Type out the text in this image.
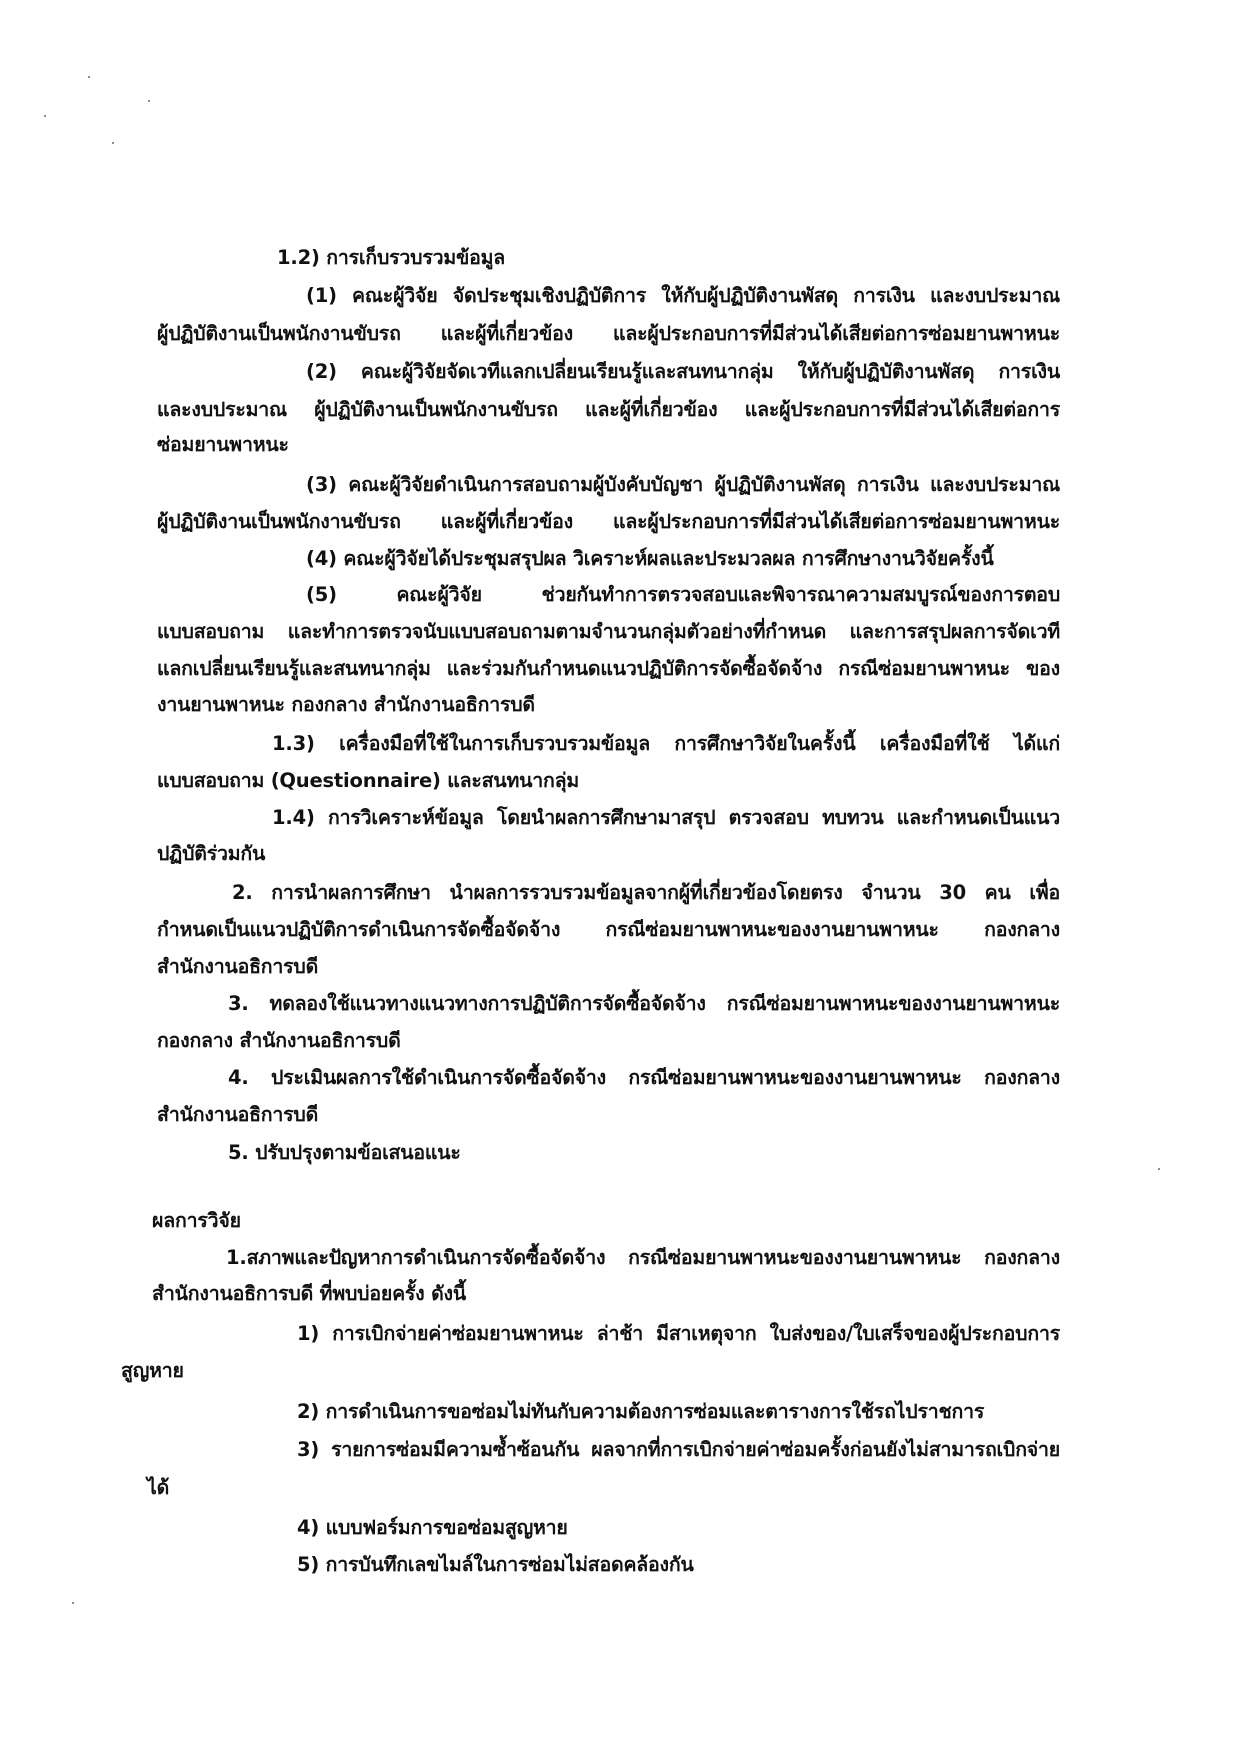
1.2) การเก็บรวบรวมข้อมูล
(1) คณะผู้วิจัย จัดประชุมเชิงปฏิบัติการ ให้กับผู้ปฏิบัติงานพัสดุ การเงิน และงบประมาณ
ผู้ปฏิบัติงานเป็นพนักงานขับรถ และผู้ที่เกี่ยวข้อง และผู้ประกอบการที่มีส่วนได้เสียต่อการซ่อมยานพาหนะ
(2) คณะผู้วิจัยจัดเวทีแลกเปลี่ยนเรียนรู้และสนทนากลุ่ม ให้กับผู้ปฏิบัติงานพัสดุ การเงิน
และงบประมาณ ผู้ปฏิบัติงานเป็นพนักงานขับรถ และผู้ที่เกี่ยวข้อง และผู้ประกอบการที่มีส่วนได้เสียต่อการ
ซ่อมยานพาหนะ
(3) คณะผู้วิจัยดำเนินการสอบถามผู้บังคับบัญชา ผู้ปฏิบัติงานพัสดุ การเงิน และงบประมาณ
ผู้ปฏิบัติงานเป็นพนักงานขับรถ และผู้ที่เกี่ยวข้อง และผู้ประกอบการที่มีส่วนได้เสียต่อการซ่อมยานพาหนะ
(4) คณะผู้วิจัยได้ประชุมสรุปผล วิเคราะห์ผลและประมวลผล การศึกษางานวิจัยครั้งนี้
(5) คณะผู้วิจัย ช่วยกันทำการตรวจสอบและพิจารณาความสมบูรณ์ของการตอบ
แบบสอบถาม และทำการตรวจนับแบบสอบถามตามจำนวนกลุ่มตัวอย่างที่กำหนด และการสรุปผลการจัดเวที
แลกเปลี่ยนเรียนรู้และสนทนากลุ่ม และร่วมกันกำหนดแนวปฏิบัติการจัดซื้อจัดจ้าง กรณีซ่อมยานพาหนะ ของ
งานยานพาหนะ กองกลาง สำนักงานอธิการบดี
1.3) เครื่องมือที่ใช้ในการเก็บรวบรวมข้อมูล การศึกษาวิจัยในครั้งนี้ เครื่องมือที่ใช้ ได้แก่
แบบสอบถาม (Questionnaire) และสนทนากลุ่ม
1.4) การวิเคราะห์ข้อมูล โดยนำผลการศึกษามาสรุป ตรวจสอบ ทบทวน และกำหนดเป็นแนว
ปฏิบัติร่วมกัน
2. การนำผลการศึกษา นำผลการรวบรวมข้อมูลจากผู้ที่เกี่ยวข้องโดยตรง จำนวน 30 คน เพื่อ
กำหนดเป็นแนวปฏิบัติการดำเนินการจัดซื้อจัดจ้าง กรณีซ่อมยานพาหนะของงานยานพาหนะ กองกลาง
สำนักงานอธิการบดี
3. ทดลองใช้แนวทางแนวทางการปฏิบัติการจัดซื้อจัดจ้าง กรณีซ่อมยานพาหนะของงานยานพาหนะ
กองกลาง สำนักงานอธิการบดี
4. ประเมินผลการใช้ดำเนินการจัดซื้อจัดจ้าง กรณีซ่อมยานพาหนะของงานยานพาหนะ กองกลาง
สำนักงานอธิการบดี
5. ปรับปรุงตามข้อเสนอแนะ
ผลการวิจัย
1.สภาพและปัญหาการดำเนินการจัดซื้อจัดจ้าง กรณีซ่อมยานพาหนะของงานยานพาหนะ กองกลาง
สำนักงานอธิการบดี ที่พบบ่อยครั้ง ดังนี้
1) การเบิกจ่ายค่าซ่อมยานพาหนะ ล่าช้า มีสาเหตุจาก ใบส่งของ/ใบเสร็จของผู้ประกอบการ
สูญหาย
2) การดำเนินการขอซ่อมไม่ทันกับความต้องการซ่อมและตารางการใช้รถไปราชการ
3) รายการซ่อมมีความซ้ำซ้อนกัน ผลจากที่การเบิกจ่ายค่าซ่อมครั้งก่อนยังไม่สามารถเบิกจ่าย
ได้
4) แบบฟอร์มการขอซ่อมสูญหาย
5) การบันทึกเลขไมล์ในการซ่อมไม่สอดคล้องกัน
